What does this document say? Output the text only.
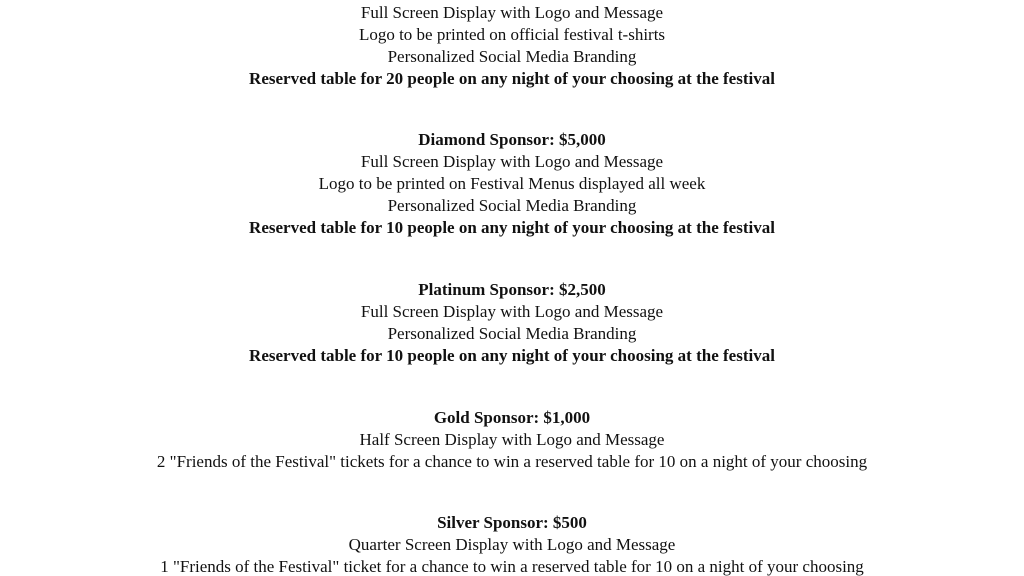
Full Screen Display with Logo and Message
Logo to be printed on official festival t-shirts
Personalized Social Media Branding
Reserved table for 20 people on any night of your choosing at the festival
Diamond Sponsor: $5,000
Full Screen Display with Logo and Message
Logo to be printed on Festival Menus displayed all week
Personalized Social Media Branding
Reserved table for 10 people on any night of your choosing at the festival
Platinum Sponsor: $2,500
Full Screen Display with Logo and Message
Personalized Social Media Branding
Reserved table for 10 people on any night of your choosing at the festival
Gold Sponsor: $1,000
Half Screen Display with Logo and Message
2 "Friends of the Festival" tickets for a chance to win a reserved table for 10 on a night of your choosing
Silver Sponsor: $500
Quarter Screen Display with Logo and Message
1 "Friends of the Festival" ticket for a chance to win a reserved table for 10 on a night of your choosing
